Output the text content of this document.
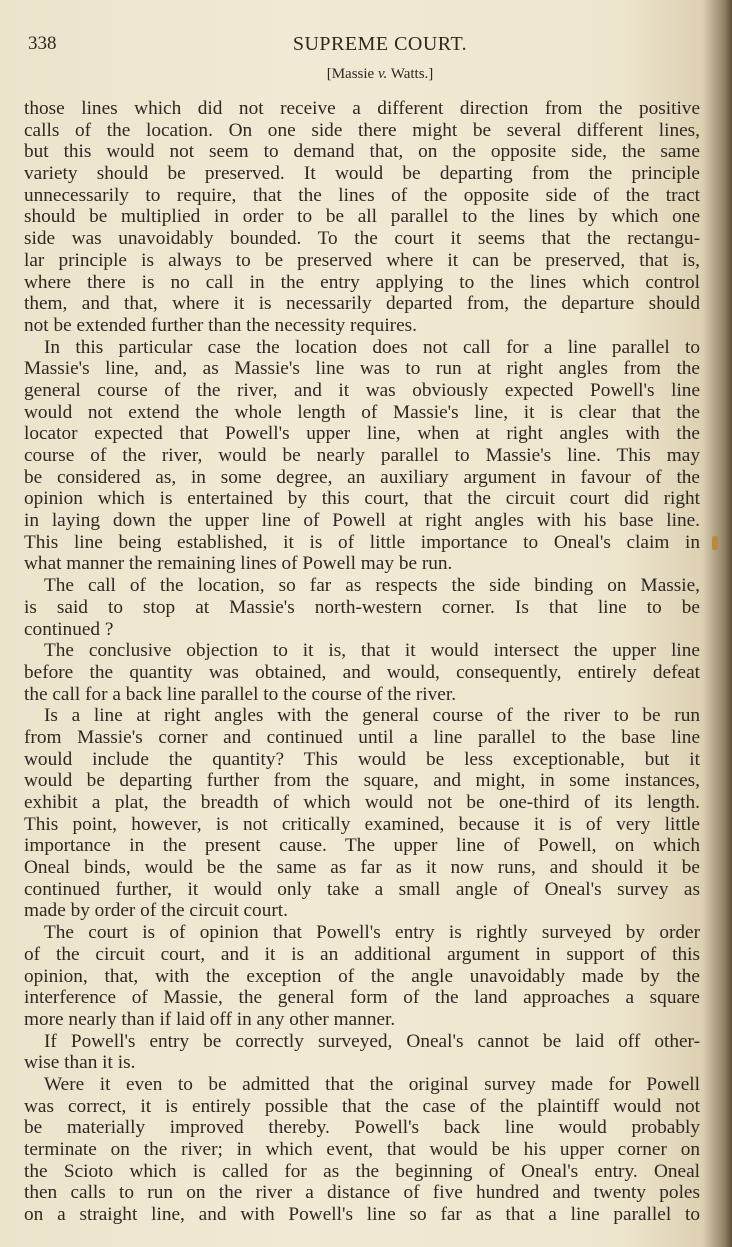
338	SUPREME COURT.
[Massie v. Watts.]
those lines which did not receive a different direction from the positive
calls of the location. On one side there might be several different lines,
but this would not seem to demand that, on the opposite side, the same
variety should be preserved. It would be departing from the principle
unnecessarily to require, that the lines of the opposite side of the tract
should be multiplied in order to be all parallel to the lines by which one
side was unavoidably bounded. To the court it seems that the rectangu-
lar principle is always to be preserved where it can be preserved, that is,
where there is no call in the entry applying to the lines which control
them, and that, where it is necessarily departed from, the departure should
not be extended further than the necessity requires.
In this particular case the location does not call for a line parallel to
Massie's line, and, as Massie's line was to run at right angles from the
general course of the river, and it was obviously expected Powell's line
would not extend the whole length of Massie's line, it is clear that the
locator expected that Powell's upper line, when at right angles with the
course of the river, would be nearly parallel to Massie's line. This may
be considered as, in some degree, an auxiliary argument in favour of the
opinion which is entertained by this court, that the circuit court did right
in laying down the upper line of Powell at right angles with his base line.
This line being established, it is of little importance to Oneal's claim in
what manner the remaining lines of Powell may be run.
The call of the location, so far as respects the side binding on Massie,
is said to stop at Massie's north-western corner. Is that line to be
continued ?
The conclusive objection to it is, that it would intersect the upper line
before the quantity was obtained, and would, consequently, entirely defeat
the call for a back line parallel to the course of the river.
Is a line at right angles with the general course of the river to be run
from Massie's corner and continued until a line parallel to the base line
would include the quantity? This would be less exceptionable, but it
would be departing further from the square, and might, in some instances,
exhibit a plat, the breadth of which would not be one-third of its length.
This point, however, is not critically examined, because it is of very little
importance in the present cause. The upper line of Powell, on which
Oneal binds, would be the same as far as it now runs, and should it be
continued further, it would only take a small angle of Oneal's survey as
made by order of the circuit court.
The court is of opinion that Powell's entry is rightly surveyed by order
of the circuit court, and it is an additional argument in support of this
opinion, that, with the exception of the angle unavoidably made by the
interference of Massie, the general form of the land approaches a square
more nearly than if laid off in any other manner.
If Powell's entry be correctly surveyed, Oneal's cannot be laid off other-
wise than it is.
Were it even to be admitted that the original survey made for Powell
was correct, it is entirely possible that the case of the plaintiff would not
be materially improved thereby. Powell's back line would probably
terminate on the river; in which event, that would be his upper corner on
the Scioto which is called for as the beginning of Oneal's entry. Oneal
then calls to run on the river a distance of five hundred and twenty poles
on a straight line, and with Powell's line so far as that a line parallel to
